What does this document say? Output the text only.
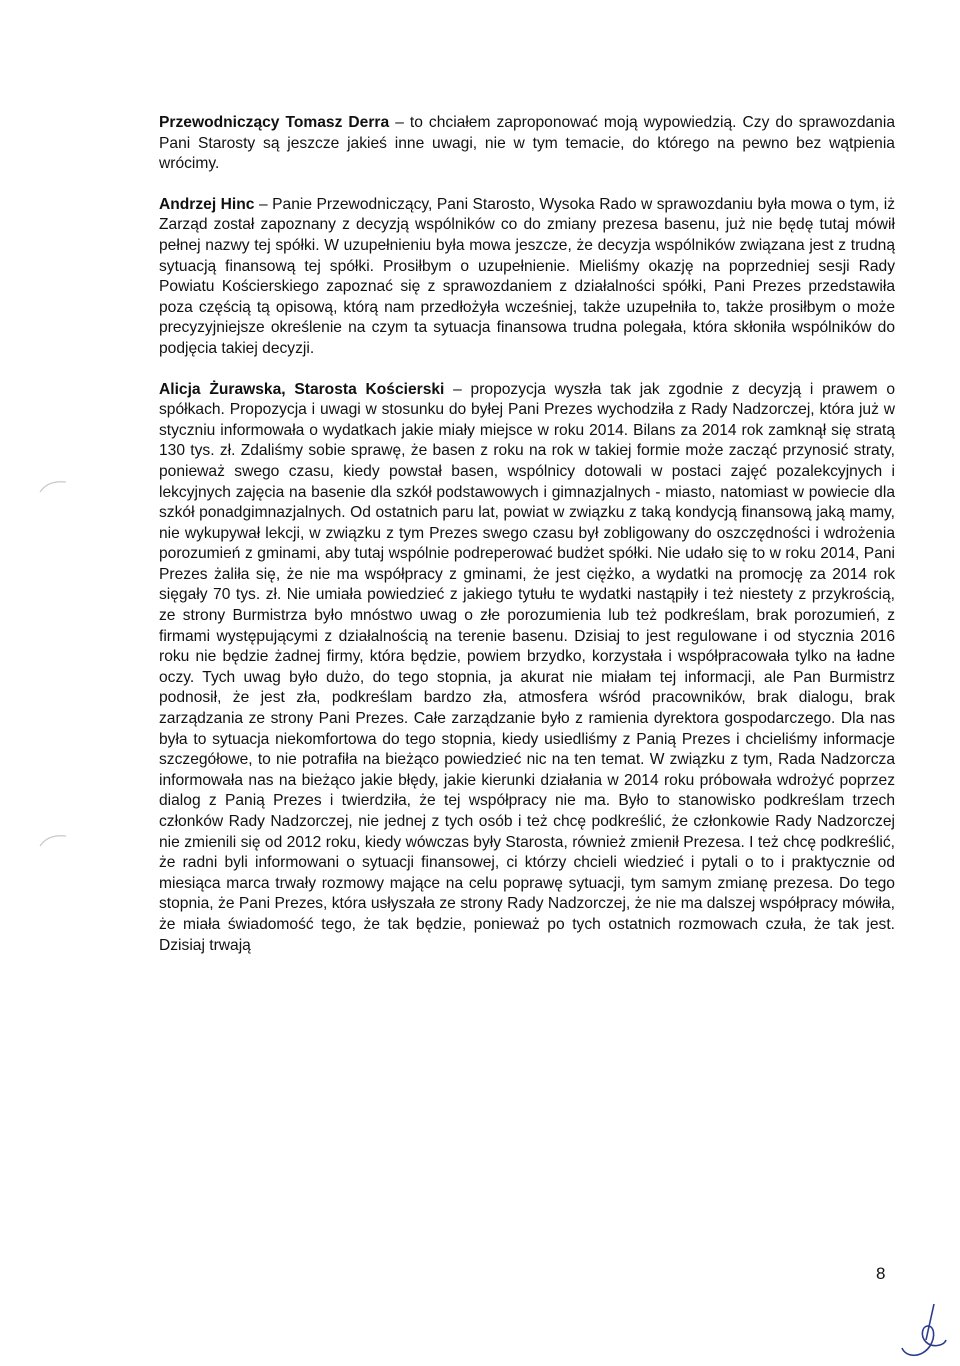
Przewodniczący Tomasz Derra – to chciałem zaproponować moją wypowiedzią. Czy do sprawozdania Pani Starosty są jeszcze jakieś inne uwagi, nie w tym temacie, do którego na pewno bez wątpienia wrócimy.

Andrzej Hinc – Panie Przewodniczący, Pani Starosto, Wysoka Rado w sprawozdaniu była mowa o tym, iż Zarząd został zapoznany z decyzją wspólników co do zmiany prezesa basenu, już nie będę tutaj mówił pełnej nazwy tej spółki. W uzupełnieniu była mowa jeszcze, że decyzja wspólników związana jest z trudną sytuacją finansową tej spółki. Prosiłbym o uzupełnienie. Mieliśmy okazję na poprzedniej sesji Rady Powiatu Kościerskiego zapoznać się z sprawozdaniem z działalności spółki, Pani Prezes przedstawiła poza częścią tą opisową, którą nam przedłożyła wcześniej, także uzupełniła to, także prosiłbym o może precyzyjniejsze określenie na czym ta sytuacja finansowa trudna polegała, która skłoniła wspólników do podjęcia takiej decyzji.

Alicja Żurawska, Starosta Kościerski – propozycja wyszła tak jak zgodnie z decyzją i prawem o spółkach. Propozycja i uwagi w stosunku do byłej Pani Prezes wychodziła z Rady Nadzorczej, która już w styczniu informowała o wydatkach jakie miały miejsce w roku 2014. Bilans za 2014 rok zamknął się stratą 130 tys. zł. Zdaliśmy sobie sprawę, że basen z roku na rok w takiej formie może zacząć przynosić straty, ponieważ swego czasu, kiedy powstał basen, wspólnicy dotowali w postaci zajęć pozalekcyjnych i lekcyjnych zajęcia na basenie dla szkół podstawowych i gimnazjalnych - miasto, natomiast w powiecie dla szkół ponadgimnazjalnych. Od ostatnich paru lat, powiat w związku z taką kondycją finansową jaką mamy, nie wykupywał lekcji, w związku z tym Prezes swego czasu był zobligowany do oszczędności i wdrożenia porozumień z gminami, aby tutaj wspólnie podreperować budżet spółki. Nie udało się to w roku 2014, Pani Prezes żaliła się, że nie ma współpracy z gminami, że jest ciężko, a wydatki na promocję za 2014 rok sięgały 70 tys. zł. Nie umiała powiedzieć z jakiego tytułu te wydatki nastąpiły i też niestety z przykrością, ze strony Burmistrza było mnóstwo uwag o złe porozumienia lub też podkreślam, brak porozumień, z firmami występującymi z działalnością na terenie basenu. Dzisiaj to jest regulowane i od stycznia 2016 roku nie będzie żadnej firmy, która będzie, powiem brzydko, korzystała i współpracowała tylko na ładne oczy. Tych uwag było dużo, do tego stopnia, ja akurat nie miałam tej informacji, ale Pan Burmistrz podnosił, że jest zła, podkreślam bardzo zła, atmosfera wśród pracowników, brak dialogu, brak zarządzania ze strony Pani Prezes. Całe zarządzanie było z ramienia dyrektora gospodarczego. Dla nas była to sytuacja niekomfortowa do tego stopnia, kiedy usiedliśmy z Panią Prezes i chcieliśmy informacje szczegółowe, to nie potrafiła na bieżąco powiedzieć nic na ten temat. W związku z tym, Rada Nadzorcza informowała nas na bieżąco jakie błędy, jakie kierunki działania w 2014 roku próbowała wdrożyć poprzez dialog z Panią Prezes i twierdziła, że tej współpracy nie ma. Było to stanowisko podkreślam trzech członków Rady Nadzorczej, nie jednej z tych osób i też chcę podkreślić, że członkowie Rady Nadzorczej nie zmienili się od 2012 roku, kiedy wówczas były Starosta, również zmienił Prezesa. I też chcę podkreślić, że radni byli informowani o sytuacji finansowej, ci którzy chcieli wiedzieć i pytali o to i praktycznie od miesiąca marca trwały rozmowy mające na celu poprawę sytuacji, tym samym zmianę prezesa. Do tego stopnia, że Pani Prezes, która usłyszała ze strony Rady Nadzorczej, że nie ma dalszej współpracy mówiła, że miała świadomość tego, że tak będzie, ponieważ po tych ostatnich rozmowach czuła, że tak jest. Dzisiaj trwają

8
